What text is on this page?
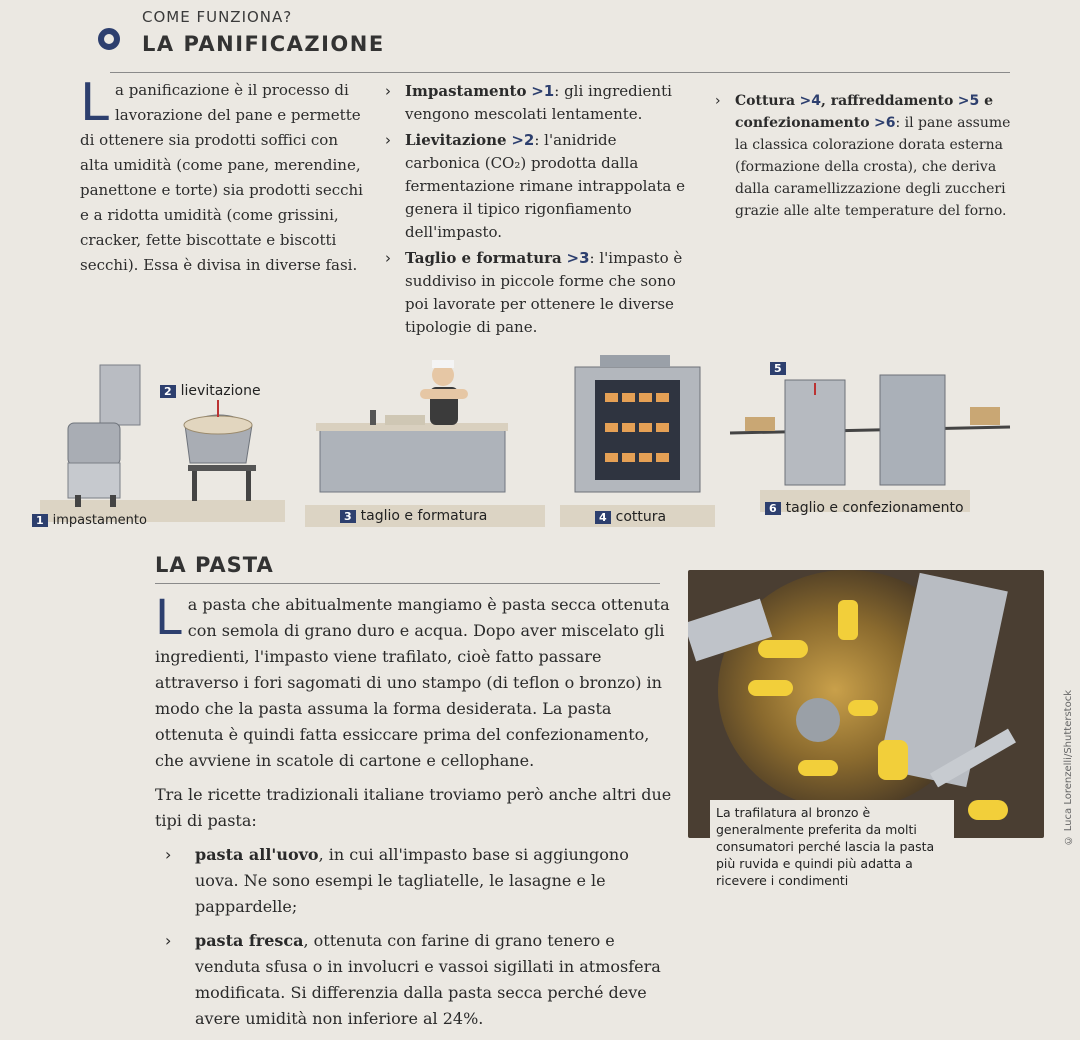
COME FUNZIONA?
LA PANIFICAZIONE
La panificazione è il processo di lavorazione del pane e permette di ottenere sia prodotti soffici con alta umidità (come pane, merendine, panettone e torte) sia prodotti secchi e a ridotta umidità (come grissini, cracker, fette biscottate e biscotti secchi). Essa è divisa in diverse fasi.

› Impastamento >1: gli ingredienti vengono mescolati lentamente.

› Lievitazione >2: l'anidride carbonica (CO₂) prodotta dalla fermentazione rimane intrappolata e genera il tipico rigonfiamento dell'impasto.

› Taglio e formatura >3: l'impasto è suddiviso in piccole forme che sono poi lavorate per ottenere le diverse tipologie di pane.

› Cottura >4, raffreddamento >5 e confezionamento >6: il pane assume la classica colorazione dorata esterna (formazione della crosta), che deriva dalla caramellizzazione degli zuccheri grazie alle alte temperature del forno.

2 lievitazione
1 impastamento	3 taglio e formatura	4 cottura
5
6 taglio e confezionamento
LA PASTA

La pasta che abitualmente mangiamo è pasta secca ottenuta con semola di grano duro e acqua. Dopo aver miscelato gli ingredienti, l'impasto viene trafilato, cioè fatto passare attraverso i fori sagomati di uno stampo (di teflon o bronzo) in modo che la pasta assuma la forma desiderata. La pasta ottenuta è quindi fatta essiccare prima del confezionamento, che avviene in scatole di cartone e cellophane.

Tra le ricette tradizionali italiane troviamo però anche altri due tipi di pasta:

› pasta all'uovo, in cui all'impasto base si aggiungono uova. Ne sono esempi le tagliatelle, le lasagne e le pappardelle;

› pasta fresca, ottenuta con farine di grano tenero e venduta sfusa o in involucri e vassoi sigillati in atmosfera modificata. Si differenzia dalla pasta secca perché deve avere umidità non inferiore al 24%.

La trafilatura al bronzo è generalmente preferita da molti consumatori perché lascia la pasta più ruvida e quindi più adatta a ricevere i condimenti
© Luca Lorenzelli/Shutterstock
